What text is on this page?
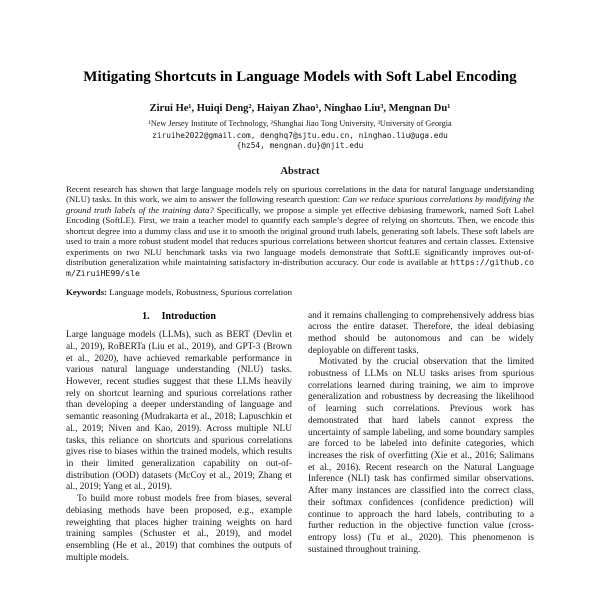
Mitigating Shortcuts in Language Models with Soft Label Encoding
Zirui He¹, Huiqi Deng², Haiyan Zhao¹, Ninghao Liu³, Mengnan Du¹
¹New Jersey Institute of Technology, ²Shanghai Jiao Tong University, ³University of Georgia
ziruihe2022@gmail.com, denghq7@sjtu.edu.cn, ninghao.liu@uga.edu
{hz54, mengnan.du}@njit.edu
Abstract

Recent research has shown that large language models rely on spurious correlations in the data for natural language understanding (NLU) tasks. In this work, we aim to answer the following research question: Can we reduce spurious correlations by modifying the ground truth labels of the training data? Specifically, we propose a simple yet effective debiasing framework, named Soft Label Encoding (SoftLE). First, we train a teacher model to quantify each sample’s degree of relying on shortcuts. Then, we encode this shortcut degree into a dummy class and use it to smooth the original ground truth labels, generating soft labels. These soft labels are used to train a more robust student model that reduces spurious correlations between shortcut features and certain classes. Extensive experiments on two NLU benchmark tasks via two language models demonstrate that SoftLE significantly improves out-of-distribution generalization while maintaining satisfactory in-distribution accuracy. Our code is available at https://github.com/ZiruiHE99/sle

Keywords: Language models, Robustness, Spurious correlation

1. Introduction

Large language models (LLMs), such as BERT (Devlin et al., 2019), RoBERTa (Liu et al., 2019), and GPT-3 (Brown et al., 2020), have achieved remarkable performance in various natural language understanding (NLU) tasks. However, recent studies suggest that these LLMs heavily rely on shortcut learning and spurious correlations rather than developing a deeper understanding of language and semantic reasoning (Mudrakarta et al., 2018; Lapuschkin et al., 2019; Niven and Kao, 2019). Across multiple NLU tasks, this reliance on shortcuts and spurious correlations gives rise to biases within the trained models, which results in their limited generalization capability on out-of-distribution (OOD) datasets (McCoy et al., 2019; Zhang et al., 2019; Yang et al., 2019).

To build more robust models free from biases, several debiasing methods have been proposed, e.g., example reweighting that places higher training weights on hard training samples (Schuster et al., 2019), and model ensembling (He et al., 2019) that combines the outputs of multiple models.

and it remains challenging to comprehensively address bias across the entire dataset. Therefore, the ideal debiasing method should be autonomous and can be widely deployable on different tasks.

Motivated by the crucial observation that the limited robustness of LLMs on NLU tasks arises from spurious correlations learned during training, we aim to improve generalization and robustness by decreasing the likelihood of learning such correlations. Previous work has demonstrated that hard labels cannot express the uncertainty of sample labeling, and some boundary samples are forced to be labeled into definite categories, which increases the risk of overfitting (Xie et al., 2016; Salimans et al., 2016). Recent research on the Natural Language Inference (NLI) task has confirmed similar observations. After many instances are classified into the correct class, their softmax confidences (confidence prediction) will continue to approach the hard labels, contributing to a further reduction in the objective function value (cross-entropy loss) (Tu et al., 2020). This phenomenon is sustained throughout training.
